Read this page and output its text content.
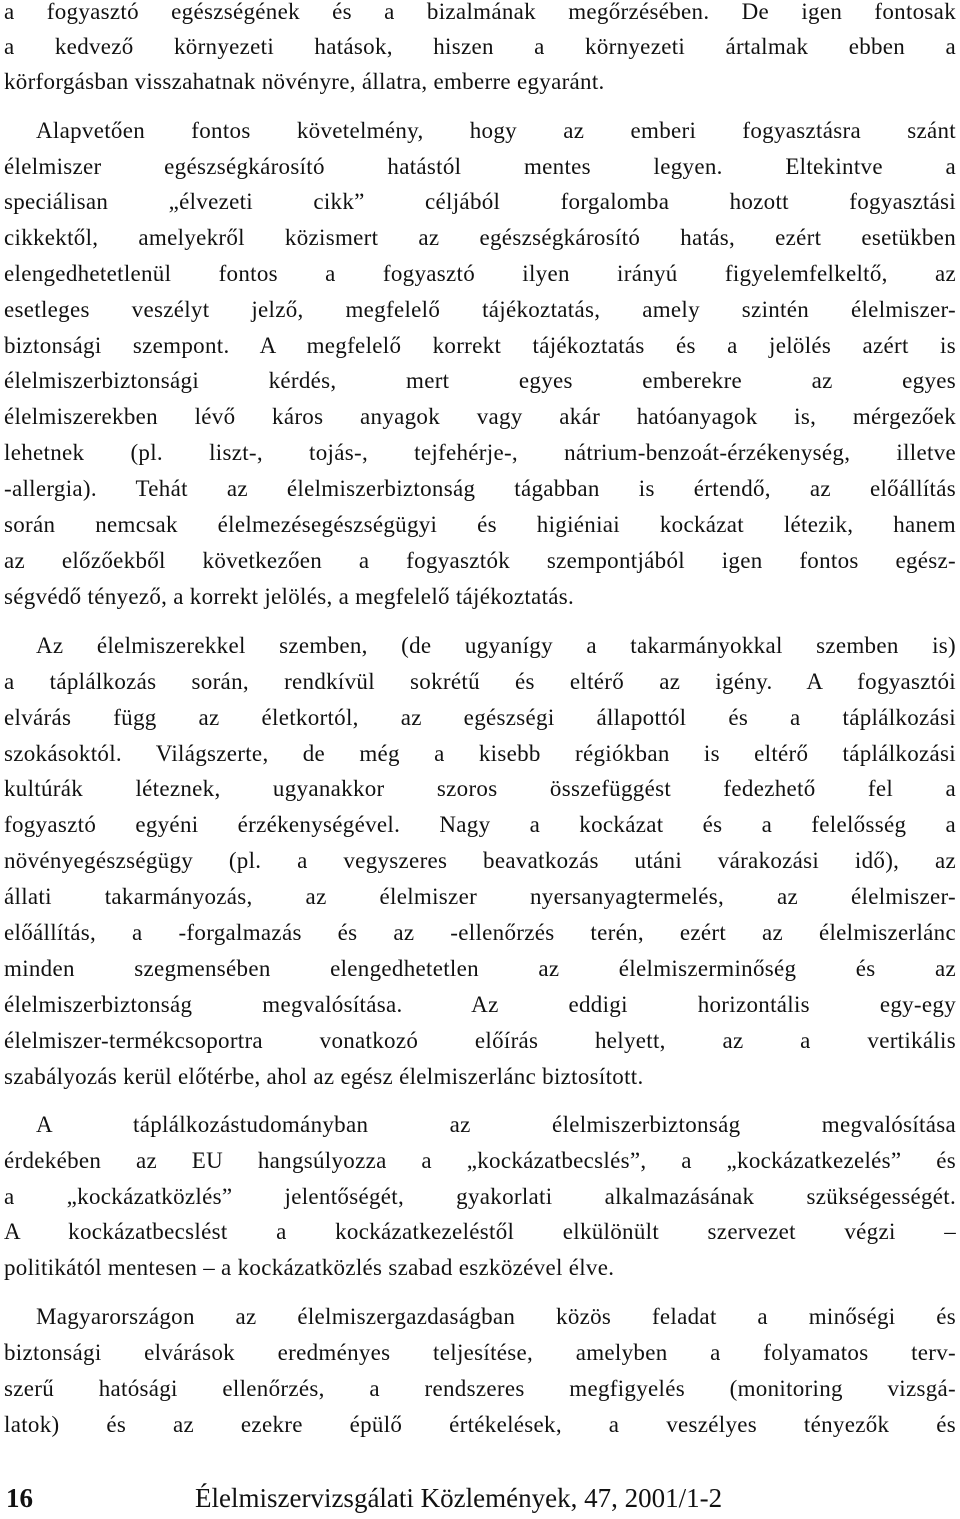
a fogyasztó egészségének és a bizalmának megőrzésében. De igen fontosak
a kedvező környezeti hatások, hiszen a környezeti ártalmak ebben a
körforgásban visszahatnak növényre, állatra, emberre egyaránt.
Alapvetően fontos követelmény, hogy az emberi fogyasztásra szánt
élelmiszer egészségkárosító hatástól mentes legyen. Eltekintve a
speciálisan „élvezeti cikk” céljából forgalomba hozott fogyasztási
cikkektől, amelyekről közismert az egészségkárosító hatás, ezért esetükben
elengedhetetlenül fontos a fogyasztó ilyen irányú figyelemfelkeltő, az
esetleges veszélyt jelző, megfelelő tájékoztatás, amely szintén élelmiszer-
biztonsági szempont. A megfelelő korrekt tájékoztatás és a jelölés azért is
élelmiszerbiztonsági kérdés, mert egyes emberekre az egyes
élelmiszerekben lévő káros anyagok vagy akár hatóanyagok is, mérgezőek
lehetnek (pl. liszt-, tojás-, tejfehérje-, nátrium-benzoát-érzékenység, illetve
-allergia). Tehát az élelmiszerbiztonság tágabban is értendő, az előállítás
során nemcsak élelmezésegészségügyi és higiéniai kockázat létezik, hanem
az előzőekből következően a fogyasztók szempontjából igen fontos egész-
ségvédő tényező, a korrekt jelölés, a megfelelő tájékoztatás.
Az élelmiszerekkel szemben, (de ugyanígy a takarmányokkal szemben is)
a táplálkozás során, rendkívül sokrétű és eltérő az igény. A fogyasztói
elvárás függ az életkortól, az egészségi állapottól és a táplálkozási
szokásoktól. Világszerte, de még a kisebb régiókban is eltérő táplálkozási
kultúrák léteznek, ugyanakkor szoros összefüggést fedezhető fel a
fogyasztó egyéni érzékenységével. Nagy a kockázat és a felelősség a
növényegészségügy (pl. a vegyszeres beavatkozás utáni várakozási idő), az
állati takarmányozás, az élelmiszer nyersanyagtermelés, az élelmiszer-
előállítás, a -forgalmazás és az -ellenőrzés terén, ezért az élelmiszerlánc
minden szegmensében elengedhetetlen az élelmiszerminőség és az
élelmiszerbiztonság megvalósítása. Az eddigi horizontális egy-egy
élelmiszer-termékcsoportra vonatkozó előírás helyett, az a vertikális
szabályozás kerül előtérbe, ahol az egész élelmiszerlánc biztosított.
A táplálkozástudományban az élelmiszerbiztonság megvalósítása
érdekében az EU hangsúlyozza a „kockázatbecslés”, a „kockázatkezelés” és
a „kockázatközlés” jelentőségét, gyakorlati alkalmazásának szükségességét.
A kockázatbecslést a kockázatkezeléstől elkülönült szervezet végzi –
politikától mentesen – a kockázatközlés szabad eszközével élve.
Magyarországon az élelmiszergazdaságban közös feladat a minőségi és
biztonsági elvárások eredményes teljesítése, amelyben a folyamatos terv-
szerű hatósági ellenőrzés, a rendszeres megfigyelés (monitoring vizsgá-
latok) és az ezekre épülő értékelések, a veszélyes tényezők és
16	Élelmiszervizsgálati Közlemények, 47, 2001/1-2
